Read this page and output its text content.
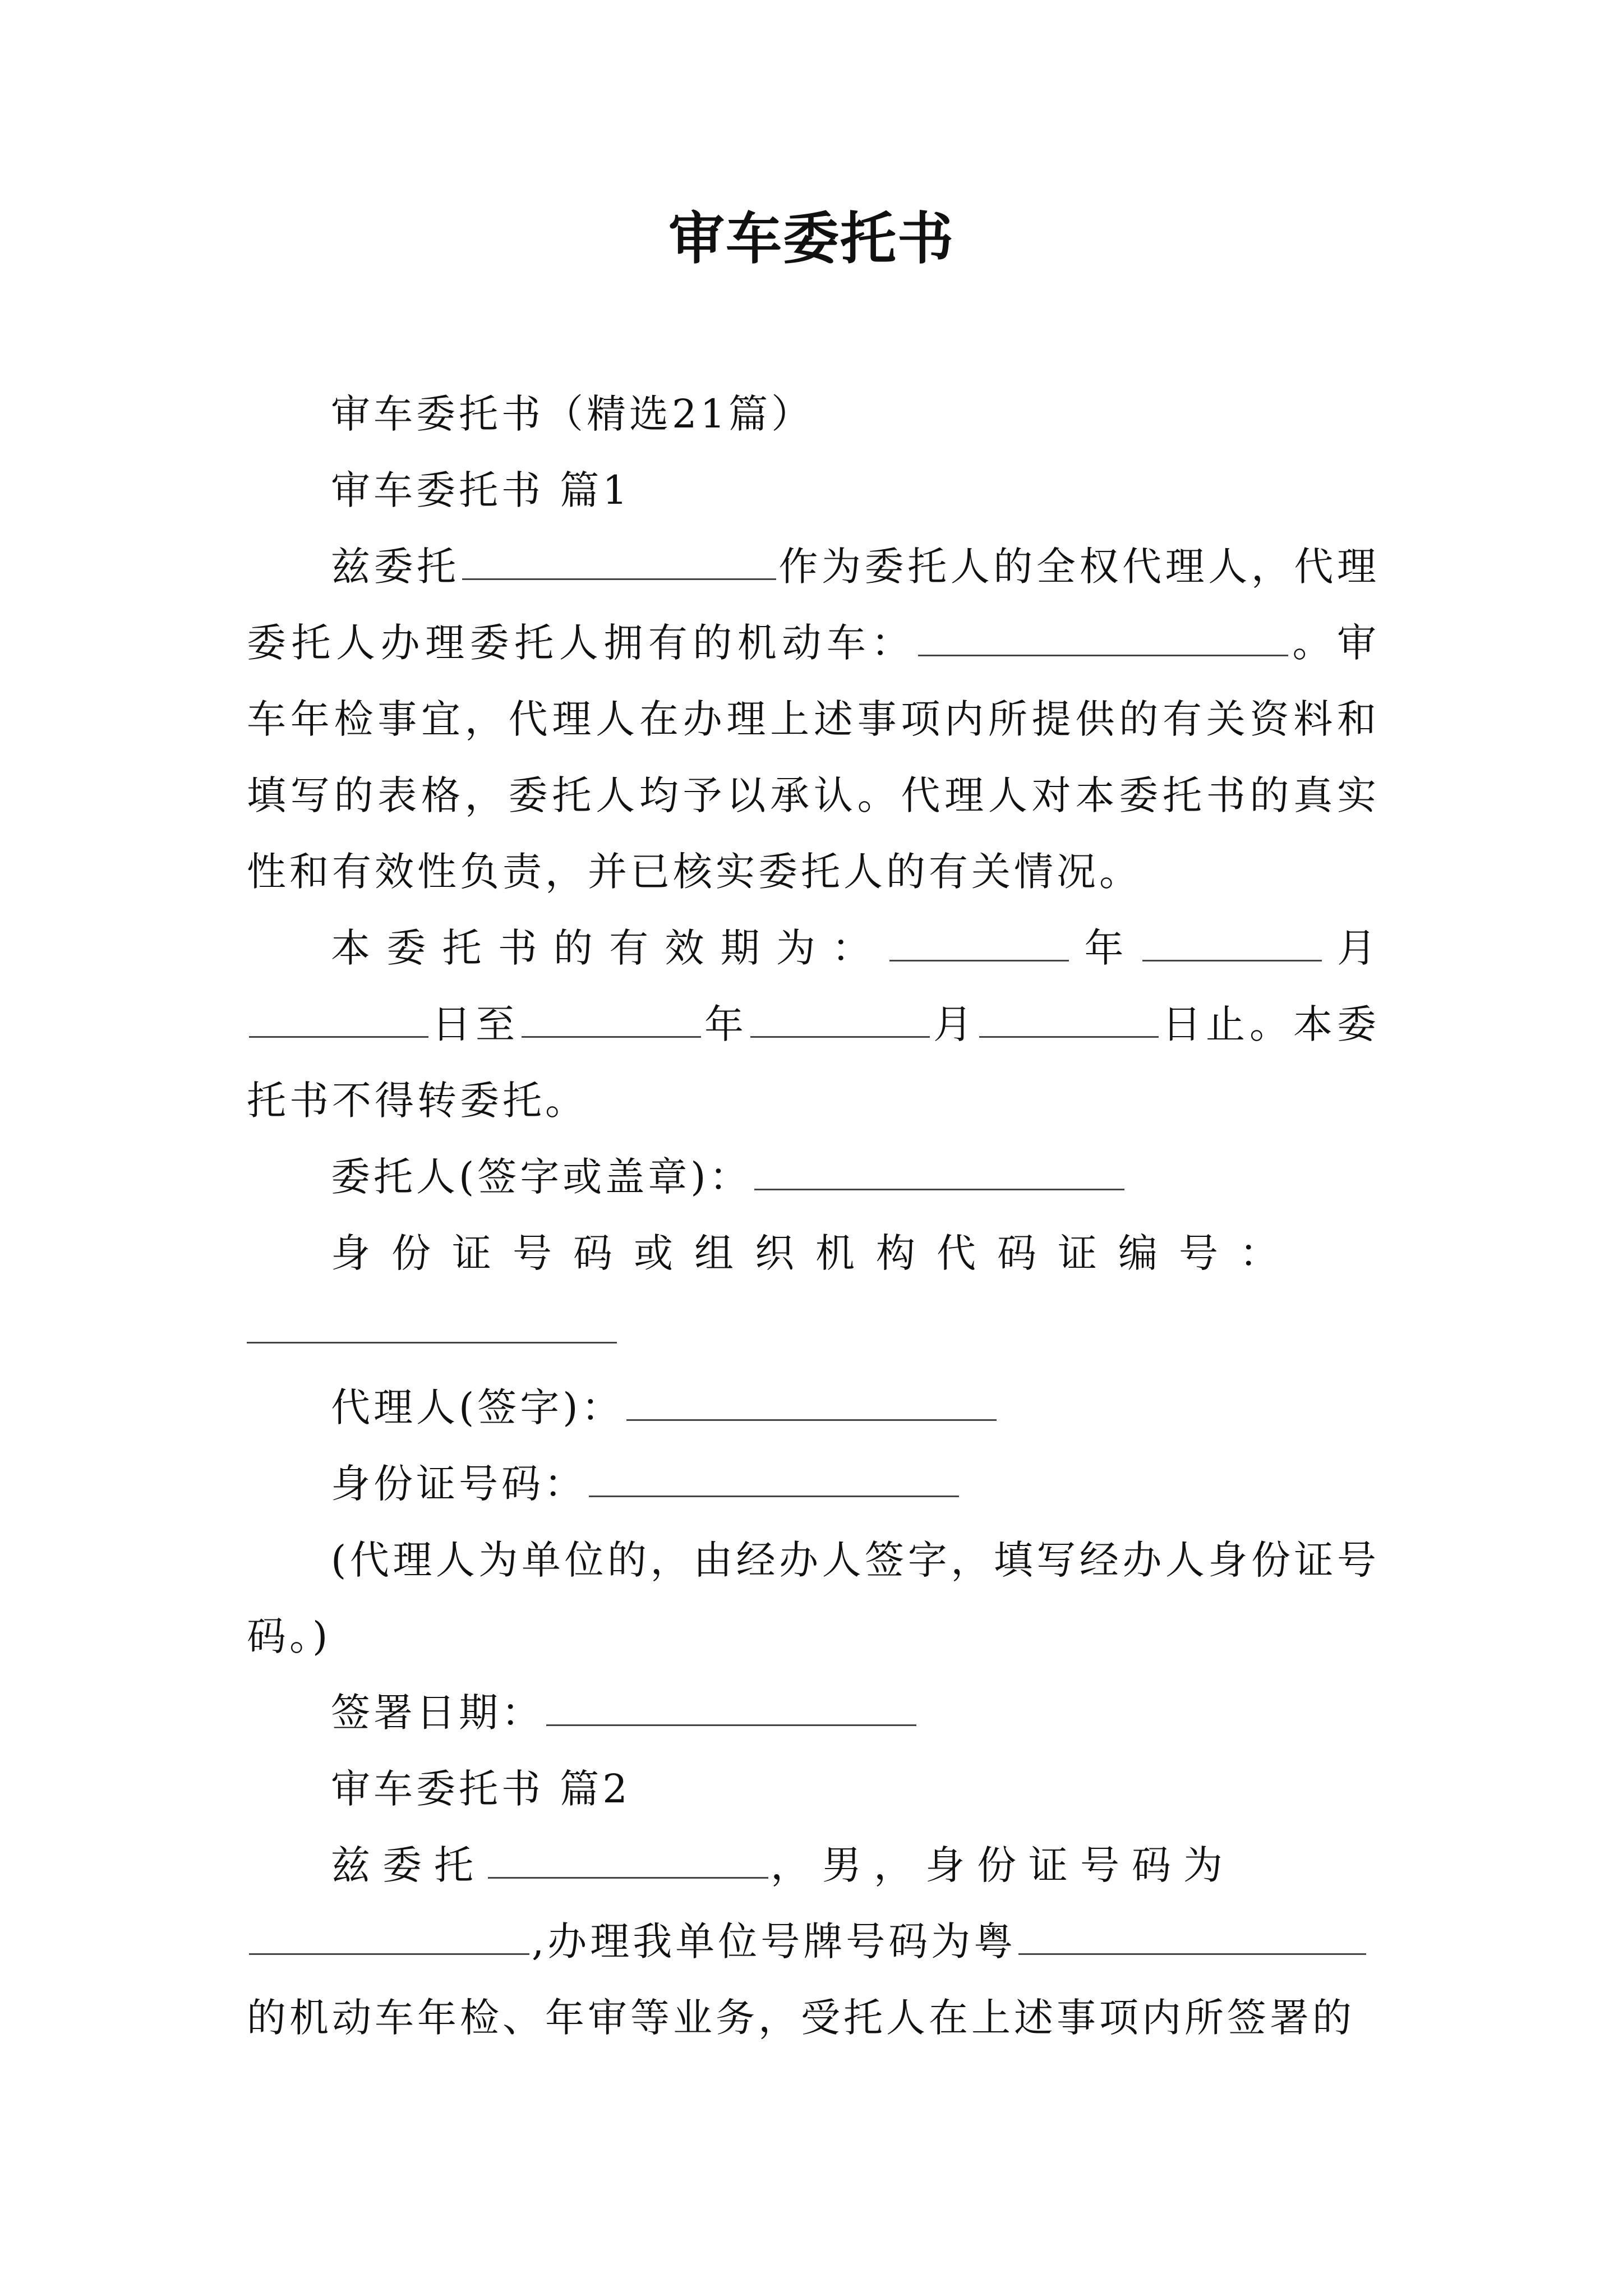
审车委托书

审车委托书（精选21篇）

审车委托书 篇1

兹委托	作为委托人的全权代理人，代理委托人办理委托人拥有的机动车：	。审车年检事宜，代理人在办理上述事项内所提供的有关资料和填写的表格，委托人均予以承认。代理人对本委托书的真实性和有效性负责，并已核实委托人的有关情况。

本委托书的有效期为：	年	月日至	年	月	日止。本委托书不得转委托。

委托人(签字或盖章)：

身份证号码或组织机构代码证编号：

代理人(签字)：

身份证号码：

(代理人为单位的，由经办人签字，填写经办人身份证号码。)

签署日期：

审车委托书 篇2

兹委托	，男，身份证号码为

,办理我单位号牌号码为粤

的机动车年检、年审等业务，受托人在上述事项内所签署的
